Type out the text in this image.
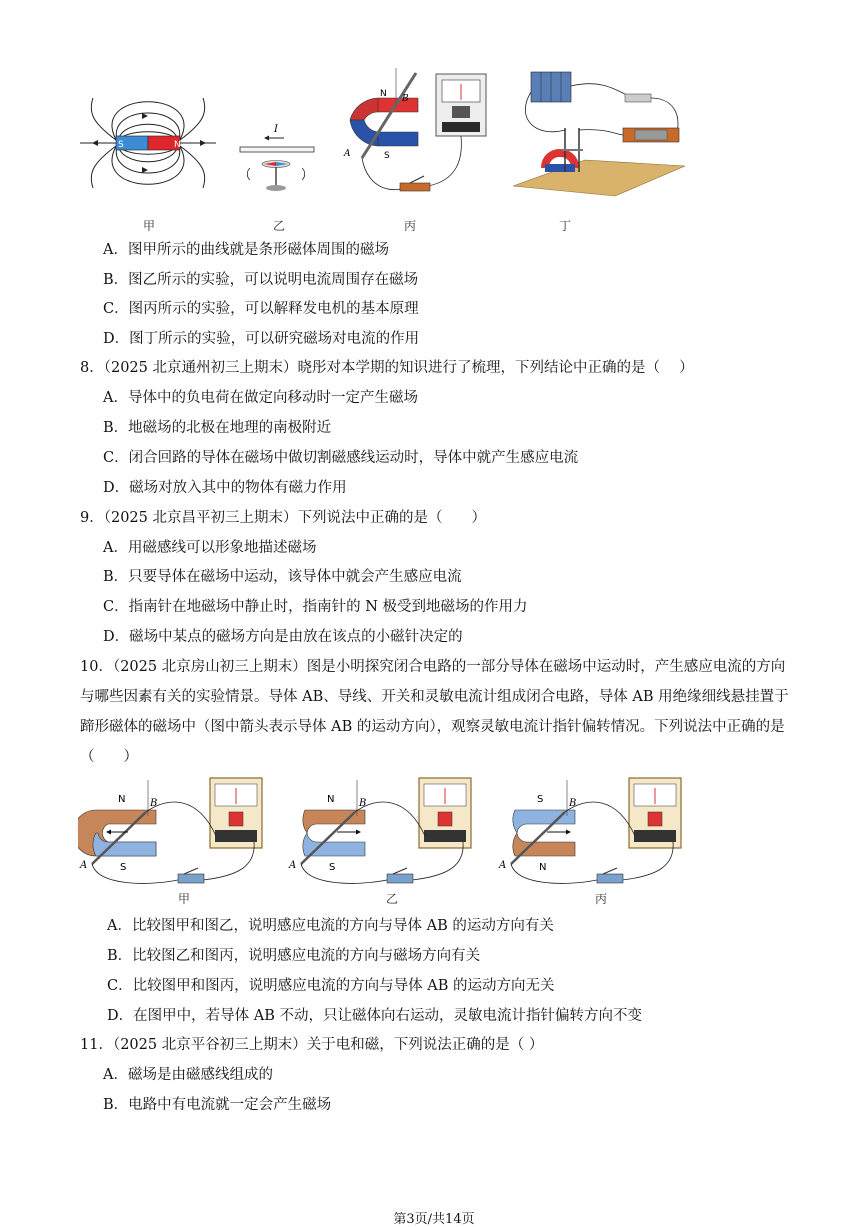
S	N
甲
I
乙
N
S
B
A
丙	丁
A．图甲所示的曲线就是条形磁体周围的磁场
B．图乙所示的实验，可以说明电流周围存在磁场
C．图丙所示的实验，可以解释发电机的基本原理
D．图丁所示的实验，可以研究磁场对电流的作用
8．（2025 北京通州初三上期末）晓彤对本学期的知识进行了梳理，下列结论中正确的是（　 ）
A．导体中的负电荷在做定向移动时一定产生磁场
B．地磁场的北极在地理的南极附近
C．闭合回路的导体在磁场中做切割磁感线运动时，导体中就产生感应电流
D．磁场对放入其中的物体有磁力作用
9．（2025 北京昌平初三上期末）下列说法中正确的是（　　）
A．用磁感线可以形象地描述磁场
B．只要导体在磁场中运动，该导体中就会产生感应电流
C．指南针在地磁场中静止时，指南针的 N 极受到地磁场的作用力
D．磁场中某点的磁场方向是由放在该点的小磁针决定的
10．（2025 北京房山初三上期末）图是小明探究闭合电路的一部分导体在磁场中运动时，产生感应电流的方向与哪些因素有关的实验情景。导体 AB、导线、开关和灵敏电流计组成闭合电路，导体 AB 用绝缘细线悬挂置于蹄形磁体的磁场中（图中箭头表示导体 AB 的运动方向），观察灵敏电流计指针偏转情况。下列说法中正确的是（　　）
N
S
B
A
甲
N
S
B
A
乙
S
N
B
A
丙
A．比较图甲和图乙，说明感应电流的方向与导体 AB 的运动方向有关
B．比较图乙和图丙，说明感应电流的方向与磁场方向有关
C．比较图甲和图丙，说明感应电流的方向与导体 AB 的运动方向无关
D．在图甲中，若导体 AB 不动，只让磁体向右运动，灵敏电流计指针偏转方向不变
11．（2025 北京平谷初三上期末）关于电和磁，下列说法正确的是（ ）
A．磁场是由磁感线组成的
B．电路中有电流就一定会产生磁场
第3页/共14页
